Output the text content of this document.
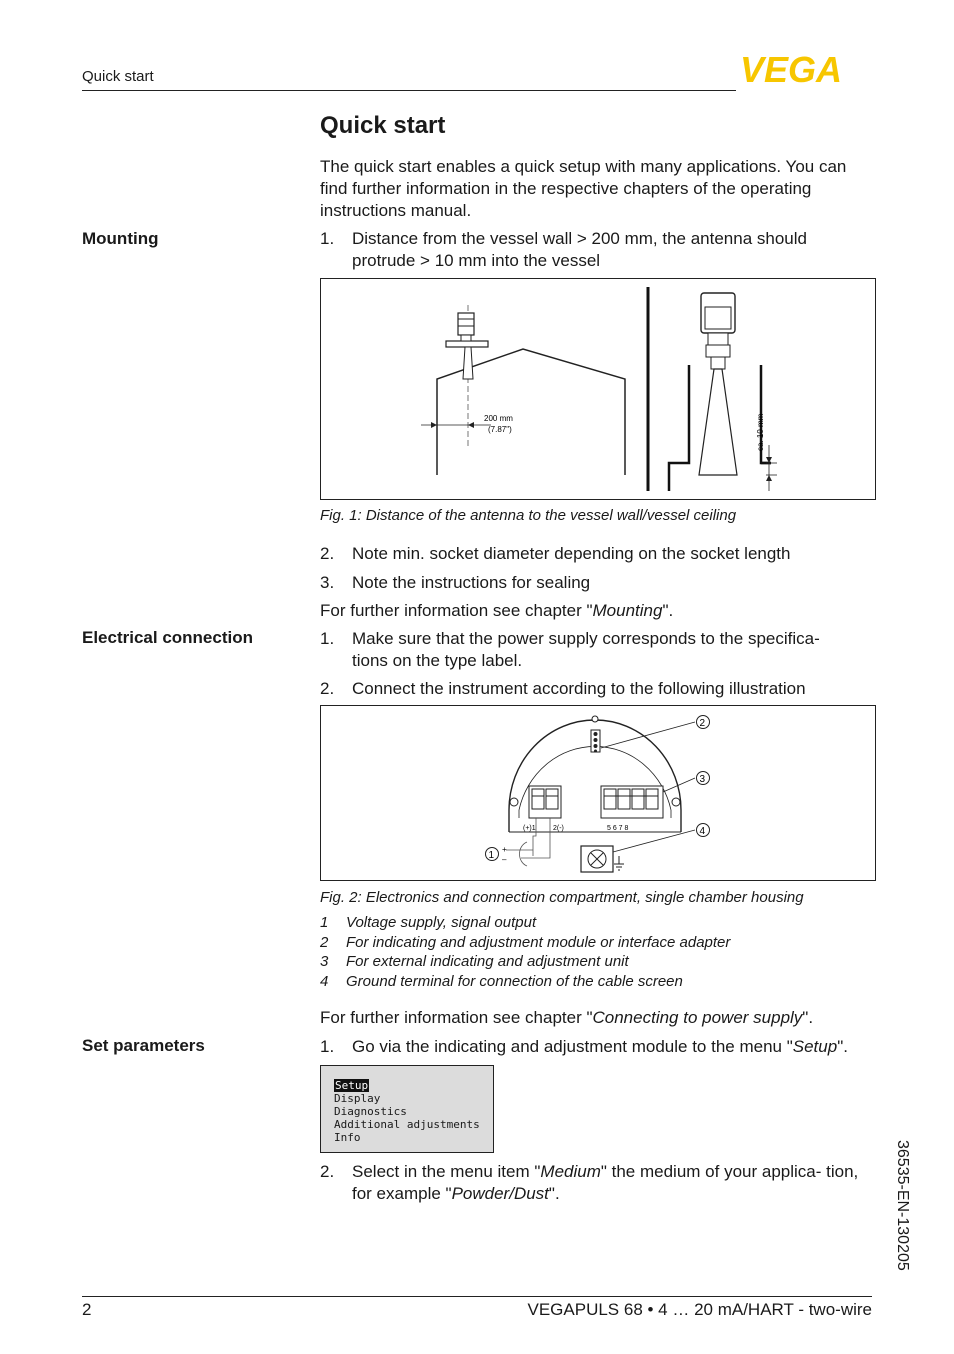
Quick start	VEGA
Quick start
The quick start enables a quick setup with many applications. You can find further information in the respective chapters of the operating instructions manual.
Mounting	1. Distance from the vessel wall > 200 mm, the antenna should protrude > 10 mm into the vessel
200 mm
(7.87")	ca. 10 mm
Fig. 1: Distance of the antenna to the vessel wall/vessel ceiling
2. Note min. socket diameter depending on the socket length
3. Note the instructions for sealing
For further information see chapter "Mounting".
Electrical connection	1. Make sure that the power supply corresponds to the specifica- tions on the type label.
2. Connect the instrument according to the following illustration
(+)1 2(-)	5 6 7 8
+
–
2
3
4
1
Fig. 2: Electronics and connection compartment, single chamber housing
1 Voltage supply, signal output
2 For indicating and adjustment module or interface adapter
3 For external indicating and adjustment unit
4 Ground terminal for connection of the cable screen
For further information see chapter "Connecting to power supply".
Set parameters	1. Go via the indicating and adjustment module to the menu "Setup".
Setup
Display
Diagnostics
Additional adjustments
Info
2. Select in the menu item "Medium" the medium of your applica- tion, for example "Powder/Dust".	36535-EN-130205
2	VEGAPULS 68 • 4 … 20 mA/HART - two-wire
